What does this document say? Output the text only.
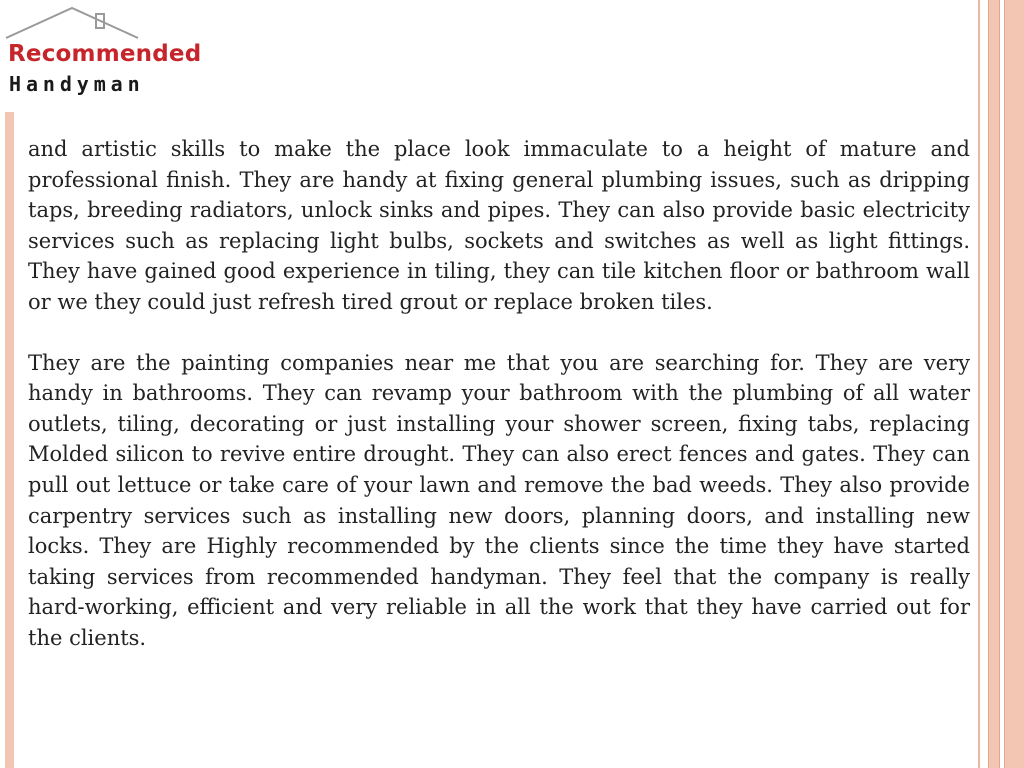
Recommended
Handyman

and artistic skills to make the place look immaculate to a height of mature and professional finish. They are handy at fixing general plumbing issues, such as dripping taps, breeding radiators, unlock sinks and pipes. They can also provide basic electricity services such as replacing light bulbs, sockets and switches as well as light fittings. They have gained good experience in tiling, they can tile kitchen floor or bathroom wall or we they could just refresh tired grout or replace broken tiles.

They are the painting companies near me that you are searching for. They are very handy in bathrooms. They can revamp your bathroom with the plumbing of all water outlets, tiling, decorating or just installing your shower screen, fixing tabs, replacing Molded silicon to revive entire drought. They can also erect fences and gates. They can pull out lettuce or take care of your lawn and remove the bad weeds. They also provide carpentry services such as installing new doors, planning doors, and installing new locks. They are Highly recommended by the clients since the time they have started taking services from recommended handyman. They feel that the company is really hard-working, efficient and very reliable in all the work that they have carried out for the clients.
